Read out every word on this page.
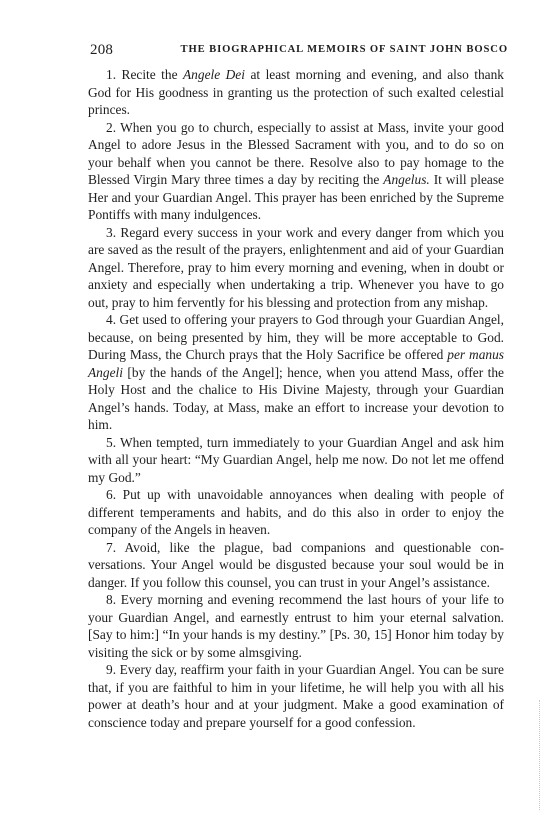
208	THE BIOGRAPHICAL MEMOIRS OF SAINT JOHN BOSCO

1. Recite the Angele Dei at least morning and evening, and also thank God for His goodness in granting us the protection of such exalted celestial princes.

2. When you go to church, especially to assist at Mass, invite your good Angel to adore Jesus in the Blessed Sacrament with you, and to do so on your behalf when you cannot be there. Resolve also to pay homage to the Blessed Virgin Mary three times a day by reciting the Angelus. It will please Her and your Guardian Angel. This prayer has been enriched by the Supreme Pontiffs with many indulgences.

3. Regard every success in your work and every danger from which you are saved as the result of the prayers, enlightenment and aid of your Guardian Angel. Therefore, pray to him every morning and evening, when in doubt or anxiety and especially when undertaking a trip. Whenever you have to go out, pray to him fervently for his blessing and protection from any mishap.

4. Get used to offering your prayers to God through your Guardian Angel, because, on being presented by him, they will be more acceptable to God. During Mass, the Church prays that the Holy Sacrifice be offered per manus Angeli [by the hands of the Angel]; hence, when you attend Mass, offer the Holy Host and the chalice to His Divine Majesty, through your Guardian Angel’s hands. Today, at Mass, make an effort to increase your devotion to him.

5. When tempted, turn immediately to your Guardian Angel and ask him with all your heart: “My Guardian Angel, help me now. Do not let me offend my God.”

6. Put up with unavoidable annoyances when dealing with people of different temperaments and habits, and do this also in order to enjoy the company of the Angels in heaven.

7. Avoid, like the plague, bad companions and questionable conversations. Your Angel would be disgusted because your soul would be in danger. If you follow this counsel, you can trust in your Angel’s assistance.

8. Every morning and evening recommend the last hours of your life to your Guardian Angel, and earnestly entrust to him your eternal salvation. [Say to him:] “In your hands is my destiny.” [Ps. 30, 15] Honor him today by visiting the sick or by some almsgiving.

9. Every day, reaffirm your faith in your Guardian Angel. You can be sure that, if you are faithful to him in your lifetime, he will help you with all his power at death’s hour and at your judgment. Make a good examination of conscience today and prepare yourself for a good confession.
